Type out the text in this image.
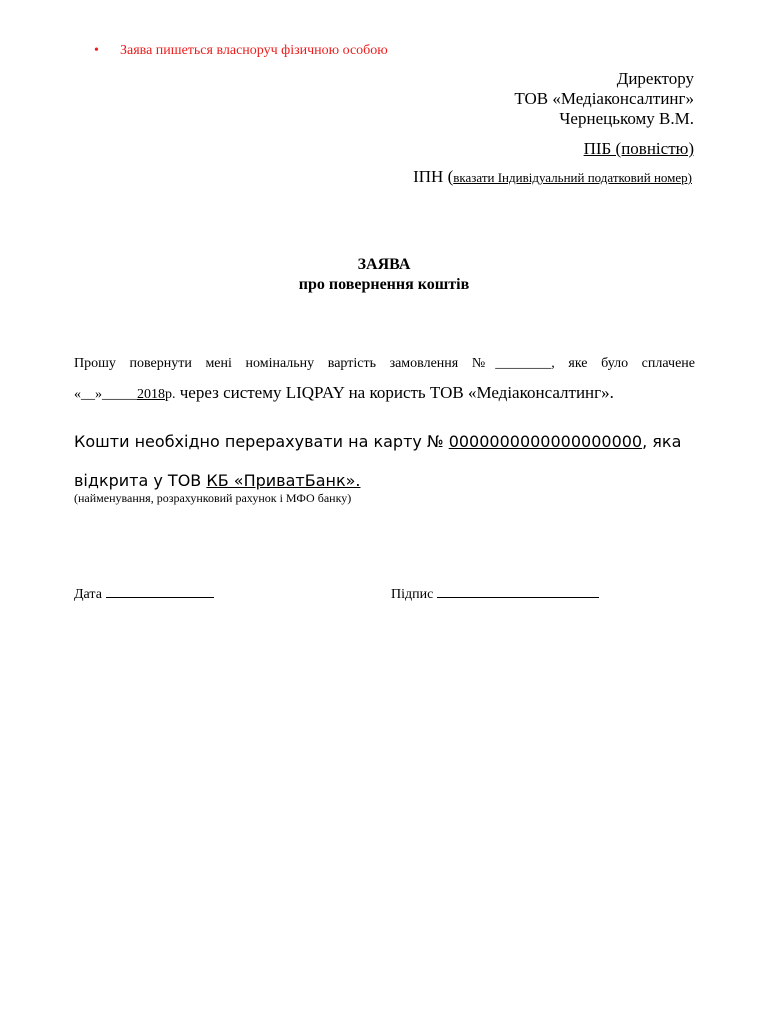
• Заява пишеться власноруч фізичною особою
Директору
ТОВ «Медіаконсалтинг»
Чернецькому В.М.
ПІБ (повністю)
ІПН (вказати Індивідуальний податковий номер)
ЗАЯВА
про повернення коштів
Прошу повернути мені номінальну вартість замовлення №________, яке було сплачене
«__»_____2018р. через систему LIQPAY на користь ТОВ «Медіаконсалтинг».
Кошти необхідно перерахувати на карту № 0000000000000000000, яка
відкрита у ТОВ КБ «ПриватБанк».
(найменування, розрахунковий рахунок і МФО банку)
Дата	Підпис
